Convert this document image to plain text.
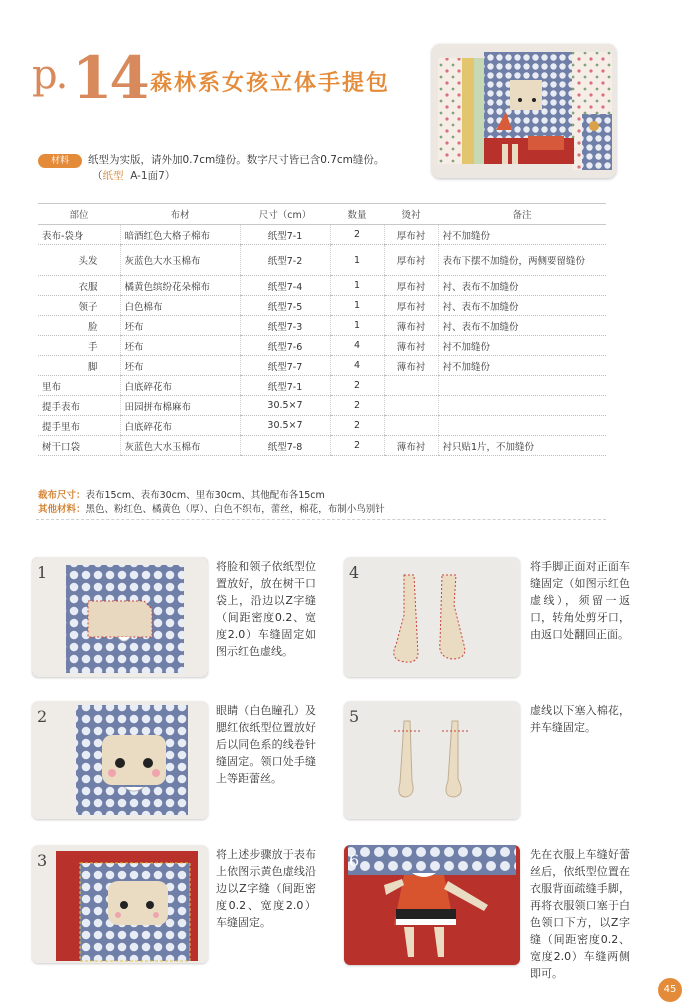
p. 14 森林系女孩立体手提包
材料	纸型为实版，请外加0.7cm缝份。数字尺寸皆已含0.7cm缝份。
（纸型 A-1面7）
部位	布材	尺寸（cm）	数量	烫衬	备注
表布-袋身	暗酒红色大格子棉布	纸型7-1	2	厚布衬	衬不加缝份
头发	灰蓝色大水玉棉布	纸型7-2	1	厚布衬	表布下摆不加缝份，两侧要留缝份
衣服	橘黄色缤纷花朵棉布	纸型7-4	1	厚布衬	衬、表布不加缝份
领子	白色棉布	纸型7-5	1	厚布衬	衬、表布不加缝份
脸	坯布	纸型7-3	1	薄布衬	衬、表布不加缝份
手	坯布	纸型7-6	4	薄布衬	衬不加缝份
脚	坯布	纸型7-7	4	薄布衬	衬不加缝份
里布	白底碎花布	纸型7-1	2		
提手表布	田园拼布棉麻布	30.5×7	2		
提手里布	白底碎花布	30.5×7	2		
树干口袋	灰蓝色大水玉棉布	纸型7-8	2	薄布衬	衬只贴1片，不加缝份
裁布尺寸：表布15cm、表布30cm、里布30cm、其他配布各15cm
其他材料：黑色、粉红色、橘黄色（厚）、白色不织布，蕾丝，棉花，布制小鸟别针
1	将脸和领子依纸型位置放好，放在树干口袋上，沿边以Z字缝（间距密度0.2、宽度2.0）车缝固定如图示红色虚线。
2	眼睛（白色瞳孔）及腮红依纸型位置放好后以同色系的线卷针缝固定。领口处手缝上等距蕾丝。
3	将上述步骤放于表布上依图示黄色虚线沿边以Z字缝（间距密度0.2、宽度2.0）车缝固定。
4	将手脚正面对正面车缝固定（如图示红色虚线），须留一返口，转角处剪牙口，由返口处翻回正面。
5	虚线以下塞入棉花，并车缝固定。
6	先在衣服上车缝好蕾丝后，依纸型位置在衣服背面疏缝手脚，再将衣服领口塞于白色领口下方，以Z字缝（间距密度0.2、宽度2.0）车缝两侧即可。
45
